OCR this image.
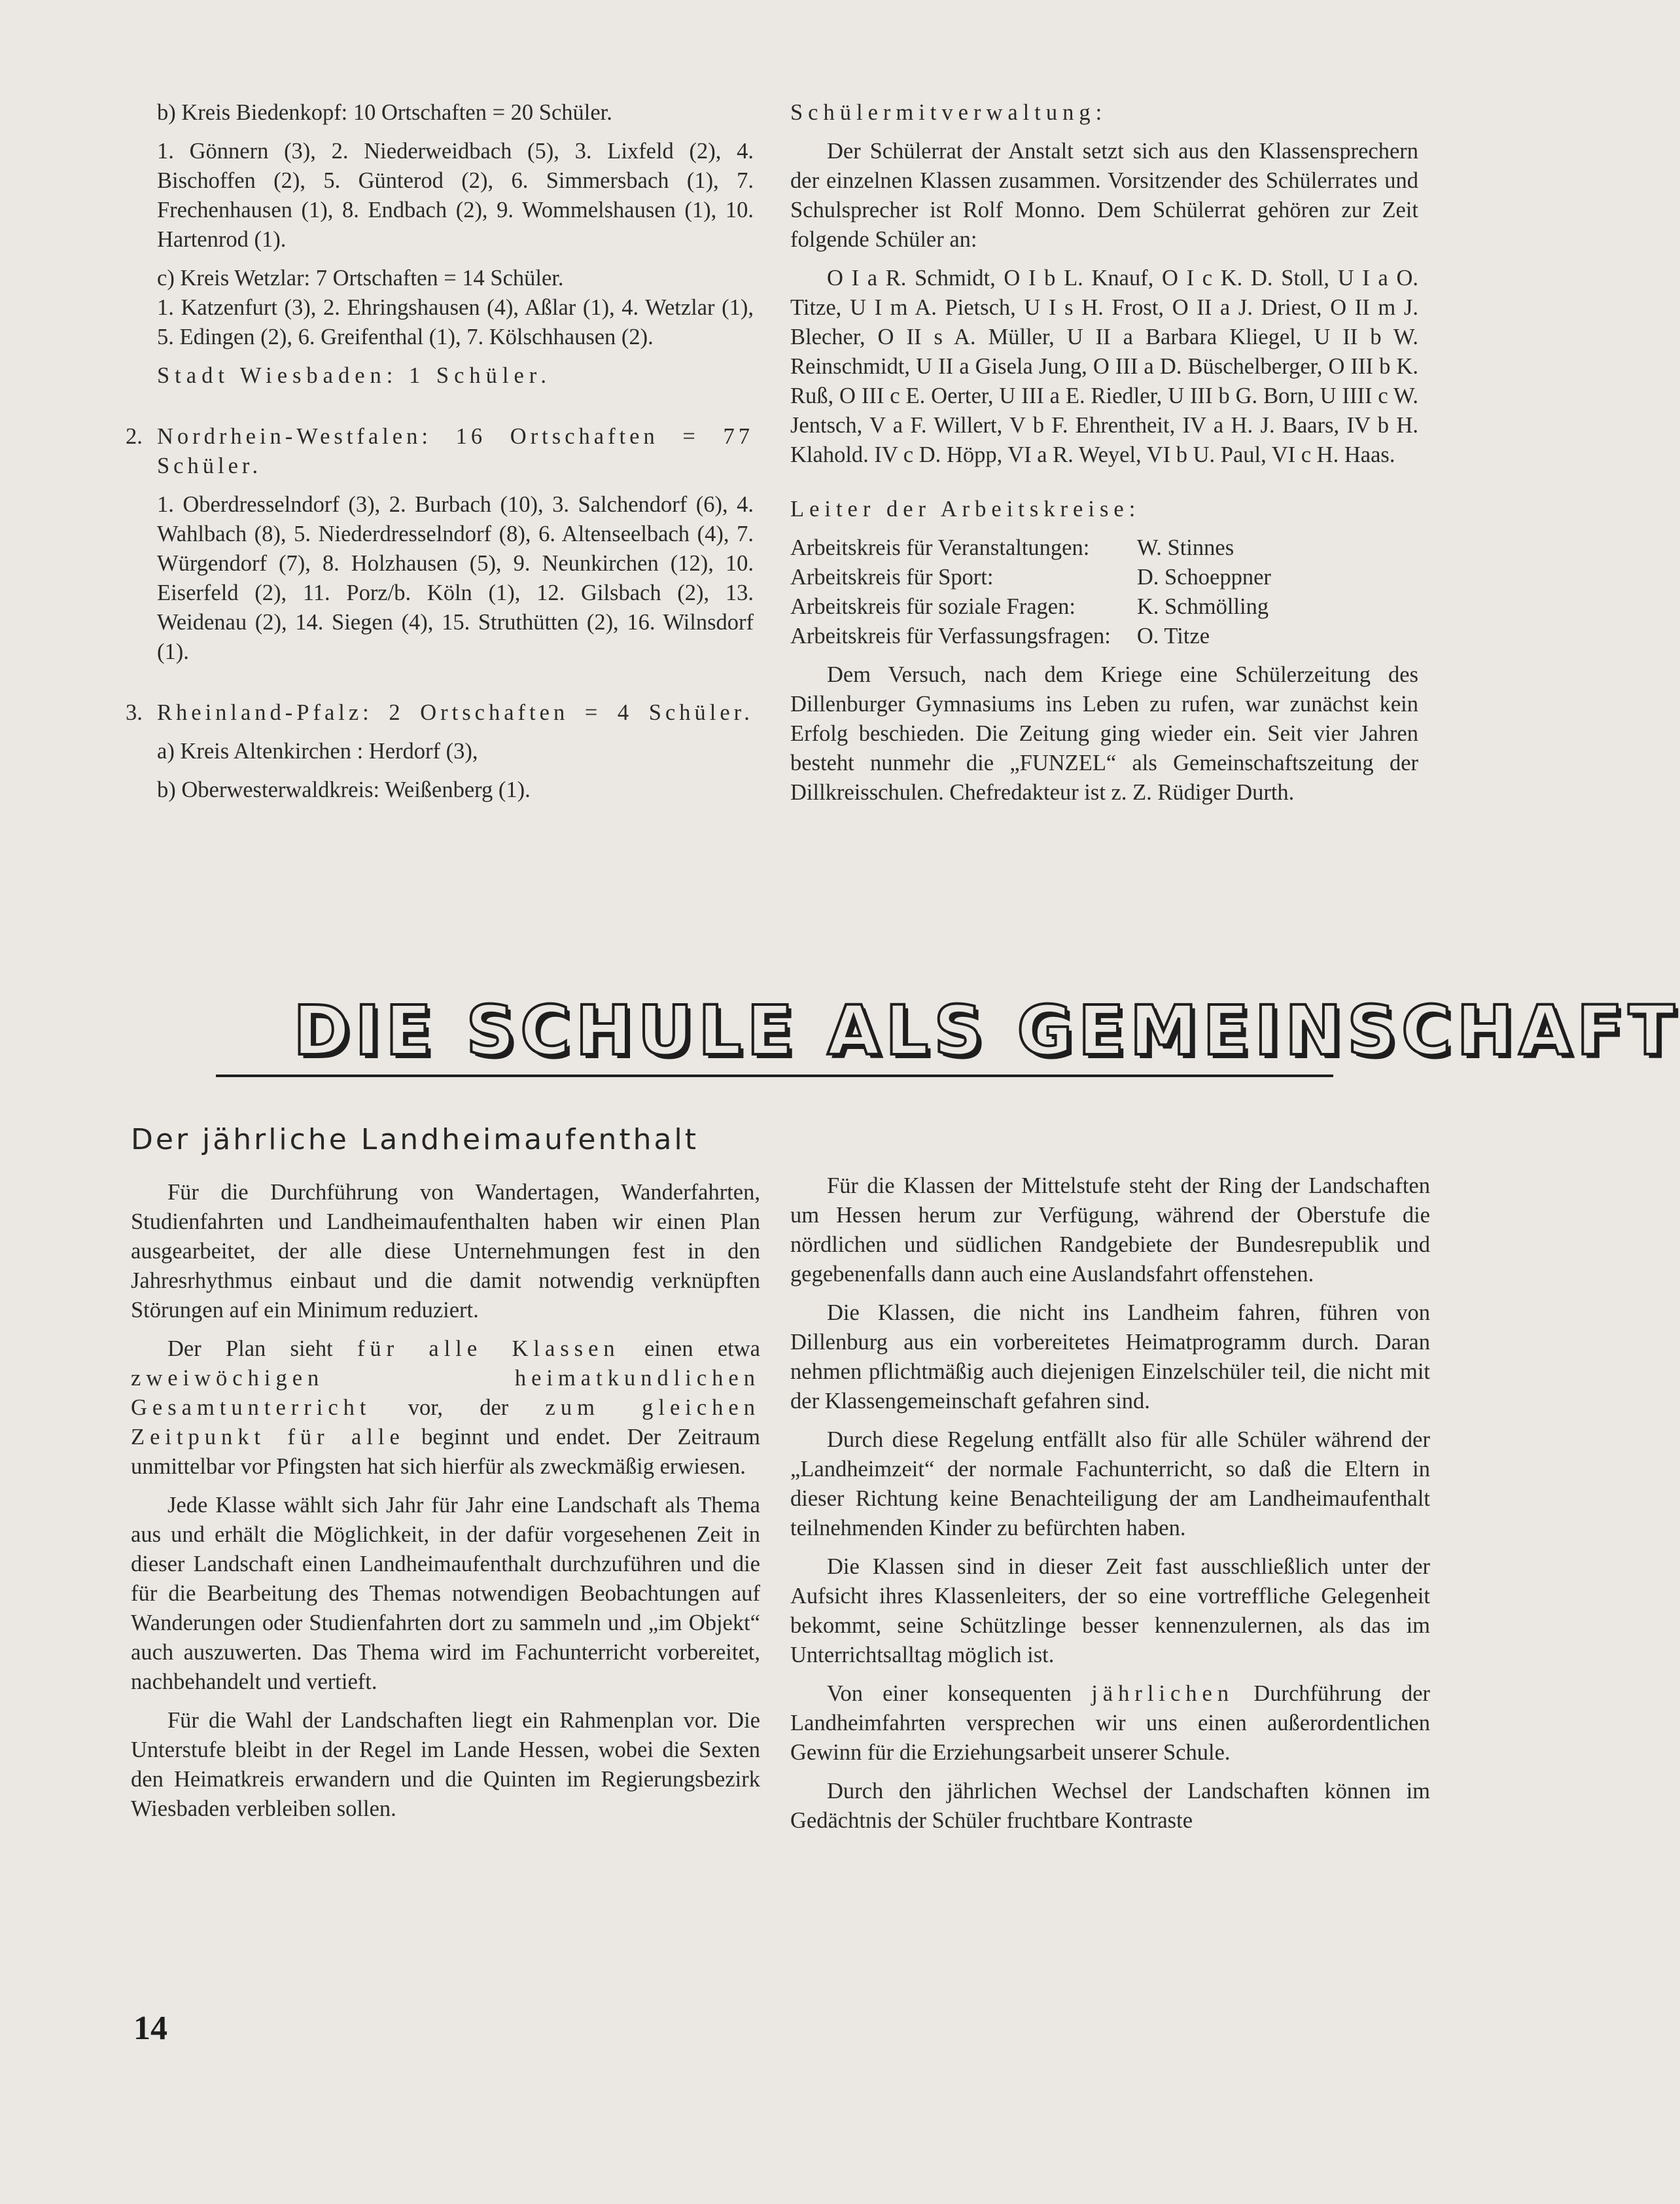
b) Kreis Biedenkopf: 10 Ortschaften = 20 Schüler.

1. Gönnern (3), 2. Niederweidbach (5), 3. Lixfeld (2), 4. Bischoffen (2), 5. Günterod (2), 6. Simmersbach (1), 7. Frechenhausen (1), 8. Endbach (2), 9. Wommelshausen (1), 10. Hartenrod (1).

c) Kreis Wetzlar: 7 Ortschaften = 14 Schüler.

1. Katzenfurt (3), 2. Ehringshausen (4), Aßlar (1), 4. Wetzlar (1), 5. Edingen (2), 6. Greifenthal (1), 7. Kölschhausen (2).

Stadt Wiesbaden: 1 Schüler.

2. Nordrhein-Westfalen: 16 Ortschaften = 77 Schüler.

1. Oberdresselndorf (3), 2. Burbach (10), 3. Salchendorf (6), 4. Wahlbach (8), 5. Niederdresselndorf (8), 6. Altenseelbach (4), 7. Würgendorf (7), 8. Holzhausen (5), 9. Neunkirchen (12), 10. Eiserfeld (2), 11. Porz/b. Köln (1), 12. Gilsbach (2), 13. Weidenau (2), 14. Siegen (4), 15. Struthütten (2), 16. Wilnsdorf (1).

3. Rheinland-Pfalz: 2 Ortschaften = 4 Schüler.

a) Kreis Altenkirchen : Herdorf (3),

b) Oberwesterwaldkreis: Weißenberg (1).

Schülermitverwaltung:

Der Schülerrat der Anstalt setzt sich aus den Klassensprechern der einzelnen Klassen zusammen. Vorsitzender des Schülerrates und Schulsprecher ist Rolf Monno. Dem Schülerrat gehören zur Zeit folgende Schüler an:

O I a R. Schmidt, O I b L. Knauf, O I c K. D. Stoll, U I a O. Titze, U I m A. Pietsch, U I s H. Frost, O II a J. Driest, O II m J. Blecher, O II s A. Müller, U II a Barbara Kliegel, U II b W. Reinschmidt, U II a Gisela Jung, O III a D. Büschelberger, O III b K. Ruß, O III c E. Oerter, U III a E. Riedler, U III b G. Born, U IIII c W. Jentsch, V a F. Willert, V b F. Ehrentheit, IV a H. J. Baars, IV b H. Klahold. IV c D. Höpp, VI a R. Weyel, VI b U. Paul, VI c H. Haas.

Leiter der Arbeitskreise:

Arbeitskreis für Veranstaltungen:	W. Stinnes
Arbeitskreis für Sport:	D. Schoeppner
Arbeitskreis für soziale Fragen:	K. Schmölling
Arbeitskreis für Verfassungsfragen:	O. Titze

Dem Versuch, nach dem Kriege eine Schülerzeitung des Dillenburger Gymnasiums ins Leben zu rufen, war zunächst kein Erfolg beschieden. Die Zeitung ging wieder ein. Seit vier Jahren besteht nunmehr die „FUNZEL“ als Gemeinschaftszeitung der Dillkreisschulen. Chefredakteur ist z. Z. Rüdiger Durth.

DIE SCHULE ALS GEMEINSCHAFT
Der jährliche Landheimaufenthalt

Für die Durchführung von Wandertagen, Wanderfahrten, Studienfahrten und Landheimaufenthalten haben wir einen Plan ausgearbeitet, der alle diese Unternehmungen fest in den Jahresrhythmus einbaut und die damit notwendig verknüpften Störungen auf ein Minimum reduziert.

Der Plan sieht für alle Klassen einen etwa zweiwöchigen heimatkundlichen Gesamtunterricht vor, der zum gleichen Zeitpunkt für alle beginnt und endet. Der Zeitraum unmittelbar vor Pfingsten hat sich hierfür als zweckmäßig erwiesen.

Jede Klasse wählt sich Jahr für Jahr eine Landschaft als Thema aus und erhält die Möglichkeit, in der dafür vorgesehenen Zeit in dieser Landschaft einen Landheimaufenthalt durchzuführen und die für die Bearbeitung des Themas notwendigen Beobachtungen auf Wanderungen oder Studienfahrten dort zu sammeln und „im Objekt“ auch auszuwerten. Das Thema wird im Fachunterricht vorbereitet, nachbehandelt und vertieft.

Für die Wahl der Landschaften liegt ein Rahmenplan vor. Die Unterstufe bleibt in der Regel im Lande Hessen, wobei die Sexten den Heimatkreis erwandern und die Quinten im Regierungsbezirk Wiesbaden verbleiben sollen.

Für die Klassen der Mittelstufe steht der Ring der Landschaften um Hessen herum zur Verfügung, während der Oberstufe die nördlichen und südlichen Randgebiete der Bundesrepublik und gegebenenfalls dann auch eine Auslandsfahrt offenstehen.

Die Klassen, die nicht ins Landheim fahren, führen von Dillenburg aus ein vorbereitetes Heimatprogramm durch. Daran nehmen pflichtmäßig auch diejenigen Einzelschüler teil, die nicht mit der Klassengemeinschaft gefahren sind.

Durch diese Regelung entfällt also für alle Schüler während der „Landheimzeit“ der normale Fachunterricht, so daß die Eltern in dieser Richtung keine Benachteiligung der am Landheimaufenthalt teilnehmenden Kinder zu befürchten haben.

Die Klassen sind in dieser Zeit fast ausschließlich unter der Aufsicht ihres Klassenleiters, der so eine vortreffliche Gelegenheit bekommt, seine Schützlinge besser kennenzulernen, als das im Unterrichtsalltag möglich ist.

Von einer konsequenten jährlichen Durchführung der Landheimfahrten versprechen wir uns einen außerordentlichen Gewinn für die Erziehungsarbeit unserer Schule.

Durch den jährlichen Wechsel der Landschaften können im Gedächtnis der Schüler fruchtbare Kontraste

14
